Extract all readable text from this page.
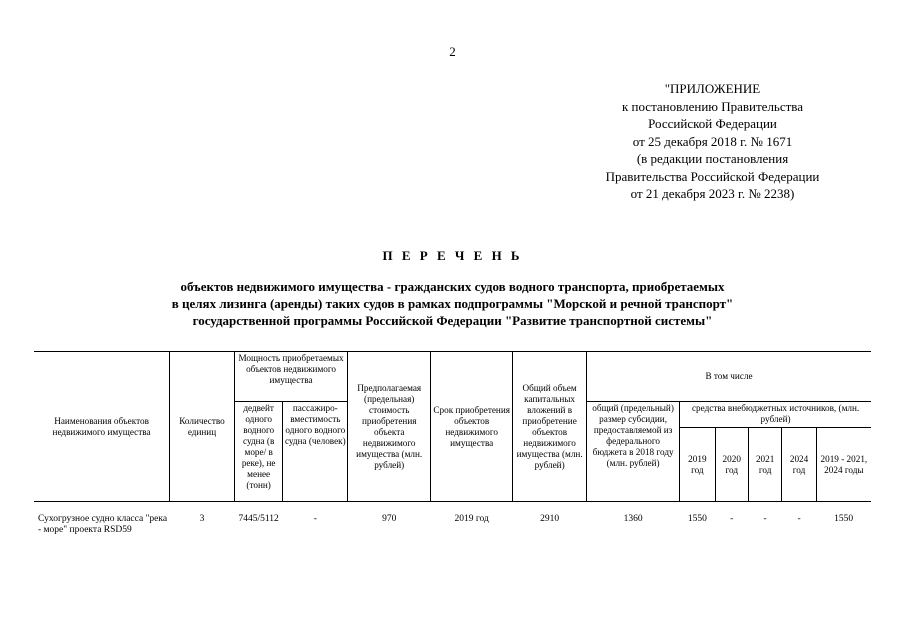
2
"ПРИЛОЖЕНИЕ
к постановлению Правительства
Российской Федерации
от 25 декабря 2018 г. № 1671
(в редакции постановления
Правительства Российской Федерации
от 21 декабря 2023 г. № 2238)
П Е Р Е Ч Е Н Ь
объектов недвижимого имущества - гражданских судов водного транспорта, приобретаемых
в целях лизинга (аренды) таких судов в рамках подпрограммы "Морской и речной транспорт"
государственной программы Российской Федерации "Развитие транспортной системы"
Наименования объектов недвижимого имущества	Количество единиц	Мощность приобретаемых объектов недвижимого имущества		Предполагаемая (предельная) стоимость приобретения объекта недвижимого имущества (млн. рублей)	Срок приобретения объектов недвижимого имущества	Общий объем капитальных вложений в приобретение объектов недвижимого имущества (млн. рублей)	В том числе					
		дедвейт одного водного судна (в море/ в реке), не менее (тонн)	пассажиро-вместимость одного водного судна (человек)				общий (предельный) размер субсидии, предоставляемой из федерального бюджета в 2018 году (млн. рублей)	средства внебюджетных источников, (млн. рублей)				
								2019 год	2020 год	2021 год	2024 год	2019 - 2021, 2024 годы
Сухогрузное судно класса "река - море" проекта RSD59	3	7445/5112	-	970	2019 год	2910	1360	1550	-	-	-	1550
